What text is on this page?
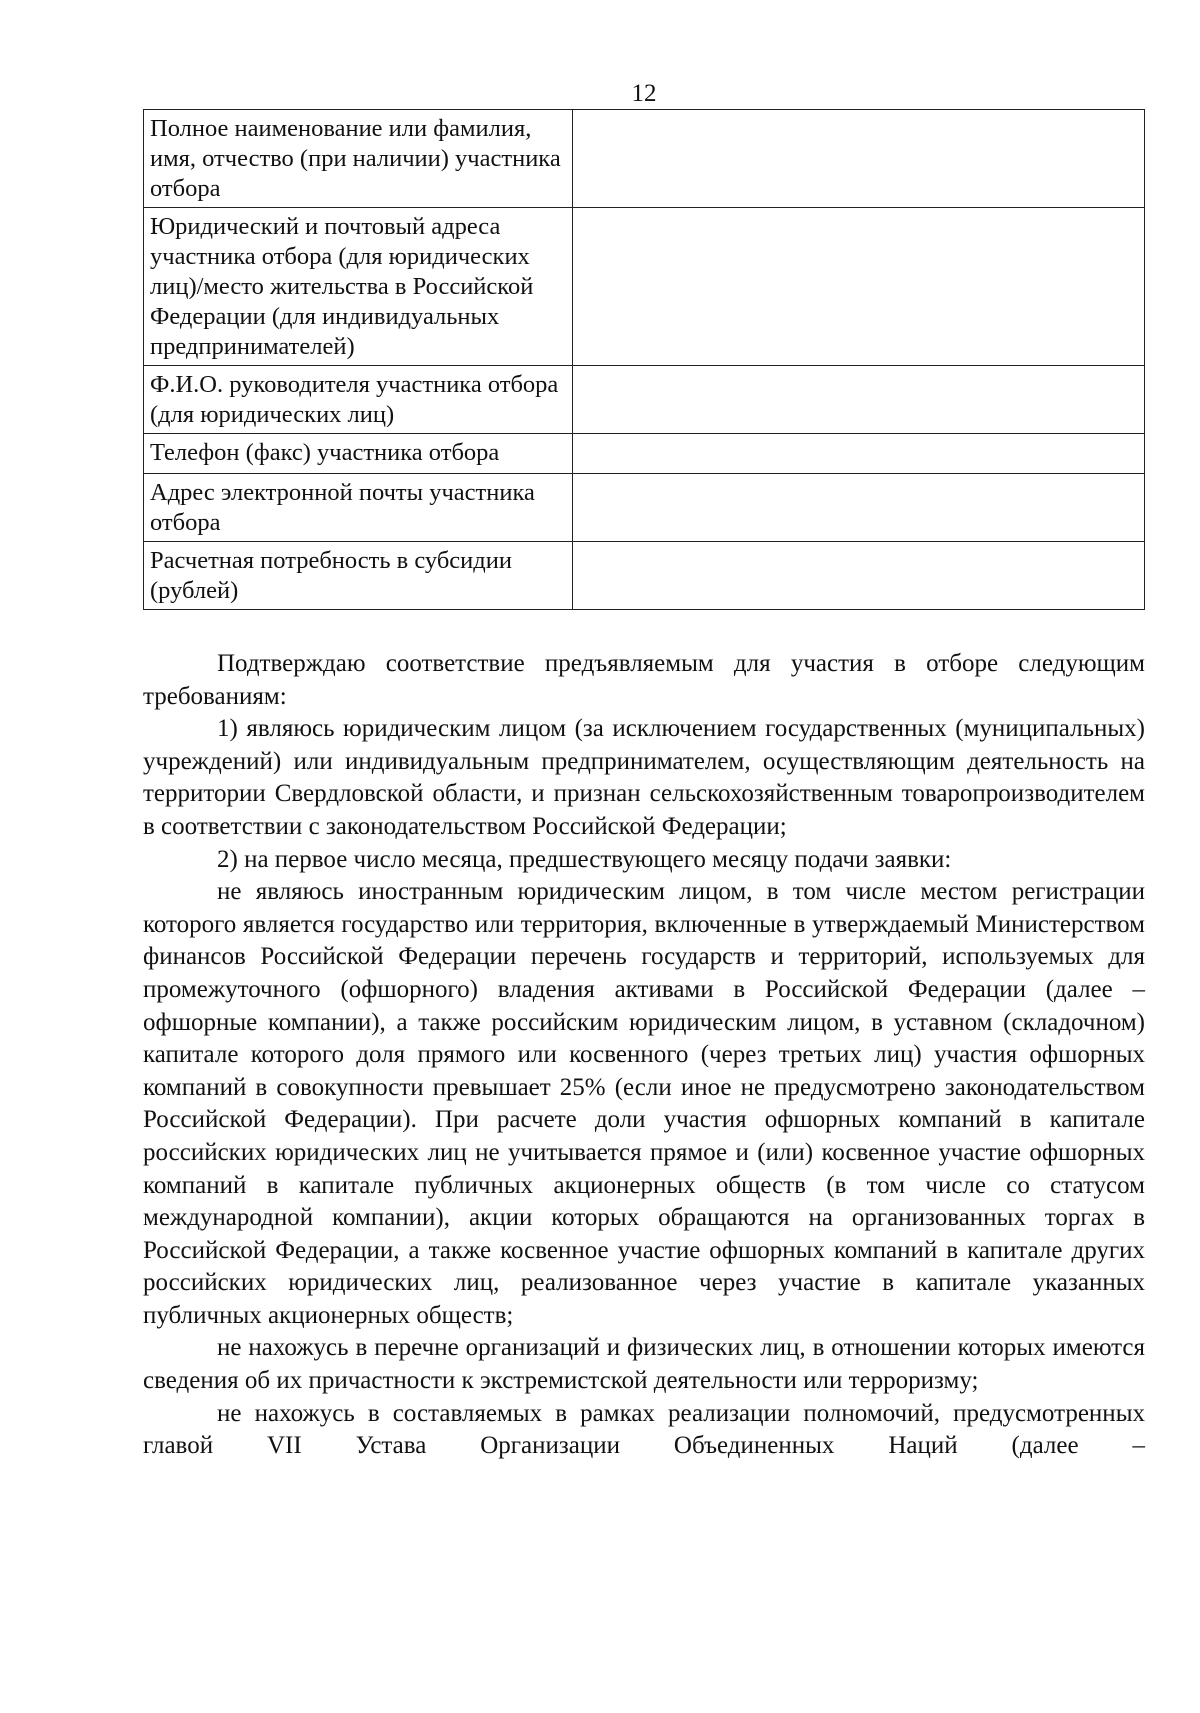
12
Полное наименование или фамилия, имя, отчество (при наличии) участника отбора	
Юридический и почтовый адреса участника отбора (для юридических лиц)/место жительства в Российской Федерации (для индивидуальных предпринимателей)	
Ф.И.О. руководителя участника отбора (для юридических лиц)	
Телефон (факс) участника отбора	
Адрес электронной почты участника отбора	
Расчетная потребность в субсидии (рублей)	

Подтверждаю соответствие предъявляемым для участия в отборе следующим требованиям:

1) являюсь юридическим лицом (за исключением государственных (муниципальных) учреждений) или индивидуальным предпринимателем, осуществляющим деятельность на территории Свердловской области, и признан сельскохозяйственным товаропроизводителем в соответствии с законодательством Российской Федерации;

2) на первое число месяца, предшествующего месяцу подачи заявки:

не являюсь иностранным юридическим лицом, в том числе местом регистрации которого является государство или территория, включенные в утверждаемый Министерством финансов Российской Федерации перечень государств и территорий, используемых для промежуточного (офшорного) владения активами в Российской Федерации (далее – офшорные компании), а также российским юридическим лицом, в уставном (складочном) капитале которого доля прямого или косвенного (через третьих лиц) участия офшорных компаний в совокупности превышает 25% (если иное не предусмотрено законодательством Российской Федерации). При расчете доли участия офшорных компаний в капитале российских юридических лиц не учитывается прямое и (или) косвенное участие офшорных компаний в капитале публичных акционерных обществ (в том числе со статусом международной компании), акции которых обращаются на организованных торгах в Российской Федерации, а также косвенное участие офшорных компаний в капитале других российских юридических лиц, реализованное через участие в капитале указанных публичных акционерных обществ;

не нахожусь в перечне организаций и физических лиц, в отношении которых имеются сведения об их причастности к экстремистской деятельности или терроризму;

не нахожусь в составляемых в рамках реализации полномочий, предусмотренных главой VII Устава Организации Объединенных Наций (далее –
